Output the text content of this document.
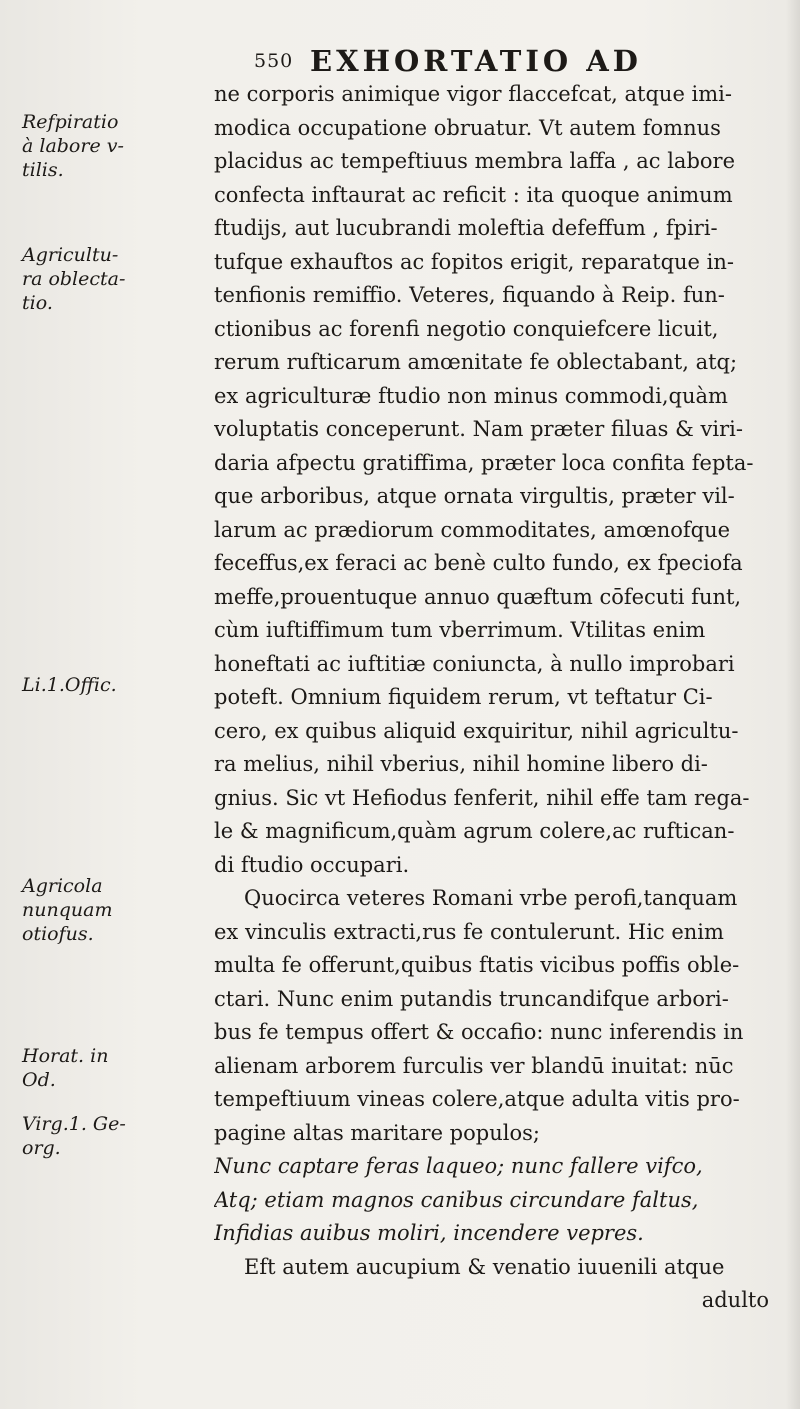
550 EXHORTATIO AD
Refpiratio
à labore v-
tilis.
Agricultu-
ra oblecta-
tio.
Li.1.Offic.
Agricola
nunquam
otiofus.
Horat. in
Od.
Virg.1. Ge-
org.
ne corporis animique vigor flaccefcat, atque imi-
modica occupatione obruatur. Vt autem fomnus
placidus ac tempeftiuus membra laffa , ac labore
confecta inftaurat ac reficit : ita quoque animum
ftudijs, aut lucubrandi moleftia defeffum , fpiri-
tufque exhauftos ac fopitos erigit, reparatque in-
tenfionis remiffio. Veteres, fiquando à Reip. fun-
ctionibus ac forenfi negotio conquiefcere licuit,
rerum rufticarum amœnitate fe oblectabant, atq;
ex agriculturæ ftudio non minus commodi,quàm
voluptatis conceperunt. Nam præter filuas & viri-
daria afpectu gratiffima, præter loca confita fepta-
que arboribus, atque ornata virgultis, præter vil-
larum ac prædiorum commoditates, amœnofque
feceffus,ex feraci ac benè culto fundo, ex fpeciofa
meffe,prouentuque annuo quæftum cōfecuti funt,
cùm iuftiffimum tum vberrimum. Vtilitas enim
honeftati ac iuftitiæ coniuncta, à nullo improbari
poteft. Omnium fiquidem rerum, vt teftatur Ci-
cero, ex quibus aliquid exquiritur, nihil agricultu-
ra melius, nihil vberius, nihil homine libero di-
gnius. Sic vt Hefiodus fenferit, nihil effe tam rega-
le & magnificum,quàm agrum colere,ac ruftican-
di ftudio occupari.
Quocirca veteres Romani vrbe perofi,tanquam
ex vinculis extracti,rus fe contulerunt. Hic enim
multa fe offerunt,quibus ftatis vicibus poffis oble-
ctari. Nunc enim putandis truncandifque arbori-
bus fe tempus offert & occafio: nunc inferendis in
alienam arborem furculis ver blandū inuitat: nūc
tempeftiuum vineas colere,atque adulta vitis pro-
pagine altas maritare populos;
Nunc captare feras laqueo; nunc fallere vifco,
Atq; etiam magnos canibus circundare faltus,
Infidias auibus moliri, incendere vepres.
Eft autem aucupium & venatio iuuenili atque
adulto
